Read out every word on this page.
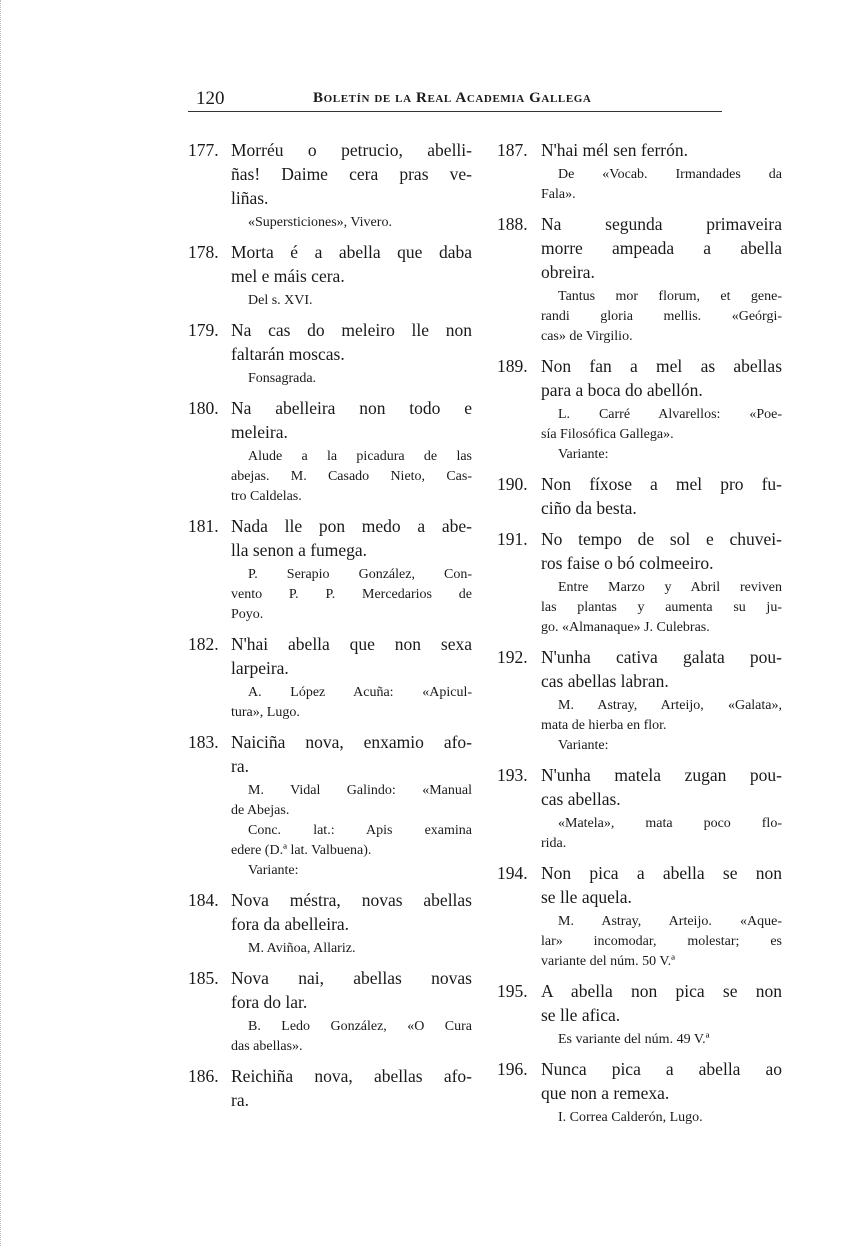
120	Boletín de la Real Academia Gallega
177. Morréu o petrucio, abelli-
ñas! Daime cera pras ve-
liñas.
«Supersticiones», Vivero.
178. Morta é a abella que daba
mel e máis cera.
Del s. XVI.
179. Na cas do meleiro lle non
faltarán moscas.
Fonsagrada.
180. Na abelleira non todo e
meleira.
Alude a la picadura de las
abejas. M. Casado Nieto, Cas-
tro Caldelas.
181. Nada lle pon medo a abe-
lla senon a fumega.
P. Serapio González, Con-
vento P. P. Mercedarios de
Poyo.
182. N'hai abella que non sexa
larpeira.
A. López Acuña: «Apicul-
tura», Lugo.
183. Naiciña nova, enxamio afo-
ra.
M. Vidal Galindo: «Manual
de Abejas.
Conc. lat.: Apis examina
edere (D.ª lat. Valbuena).
Variante:
184. Nova méstra, novas abellas
fora da abelleira.
M. Aviñoa, Allariz.
185. Nova nai, abellas novas
fora do lar.
B. Ledo González, «O Cura
das abellas».
186. Reichiña nova, abellas afo-
ra.
187. N'hai mél sen ferrón.
De «Vocab. Irmandades da
Fala».
188. Na segunda primaveira
morre ampeada a abella
obreira.
Tantus mor florum, et gene-
randi gloria mellis. «Geórgi-
cas» de Virgilio.
189. Non fan a mel as abellas
para a boca do abellón.
L. Carré Alvarellos: «Poe-
sía Filosófica Gallega».
Variante:
190. Non fíxose a mel pro fu-
ciño da besta.
191. No tempo de sol e chuvei-
ros faise o bó colmeeiro.
Entre Marzo y Abril reviven
las plantas y aumenta su ju-
go. «Almanaque» J. Culebras.
192. N'unha cativa galata pou-
cas abellas labran.
M. Astray, Arteijo, «Galata»,
mata de hierba en flor.
Variante:
193. N'unha matela zugan pou-
cas abellas.
«Matela», mata poco flo-
rida.
194. Non pica a abella se non
se lle aquela.
M. Astray, Arteijo. «Aque-
lar» incomodar, molestar; es
variante del núm. 50 V.ª
195. A abella non pica se non
se lle afica.
Es variante del núm. 49 V.ª
196. Nunca pica a abella ao
que non a remexa.
I. Correa Calderón, Lugo.
